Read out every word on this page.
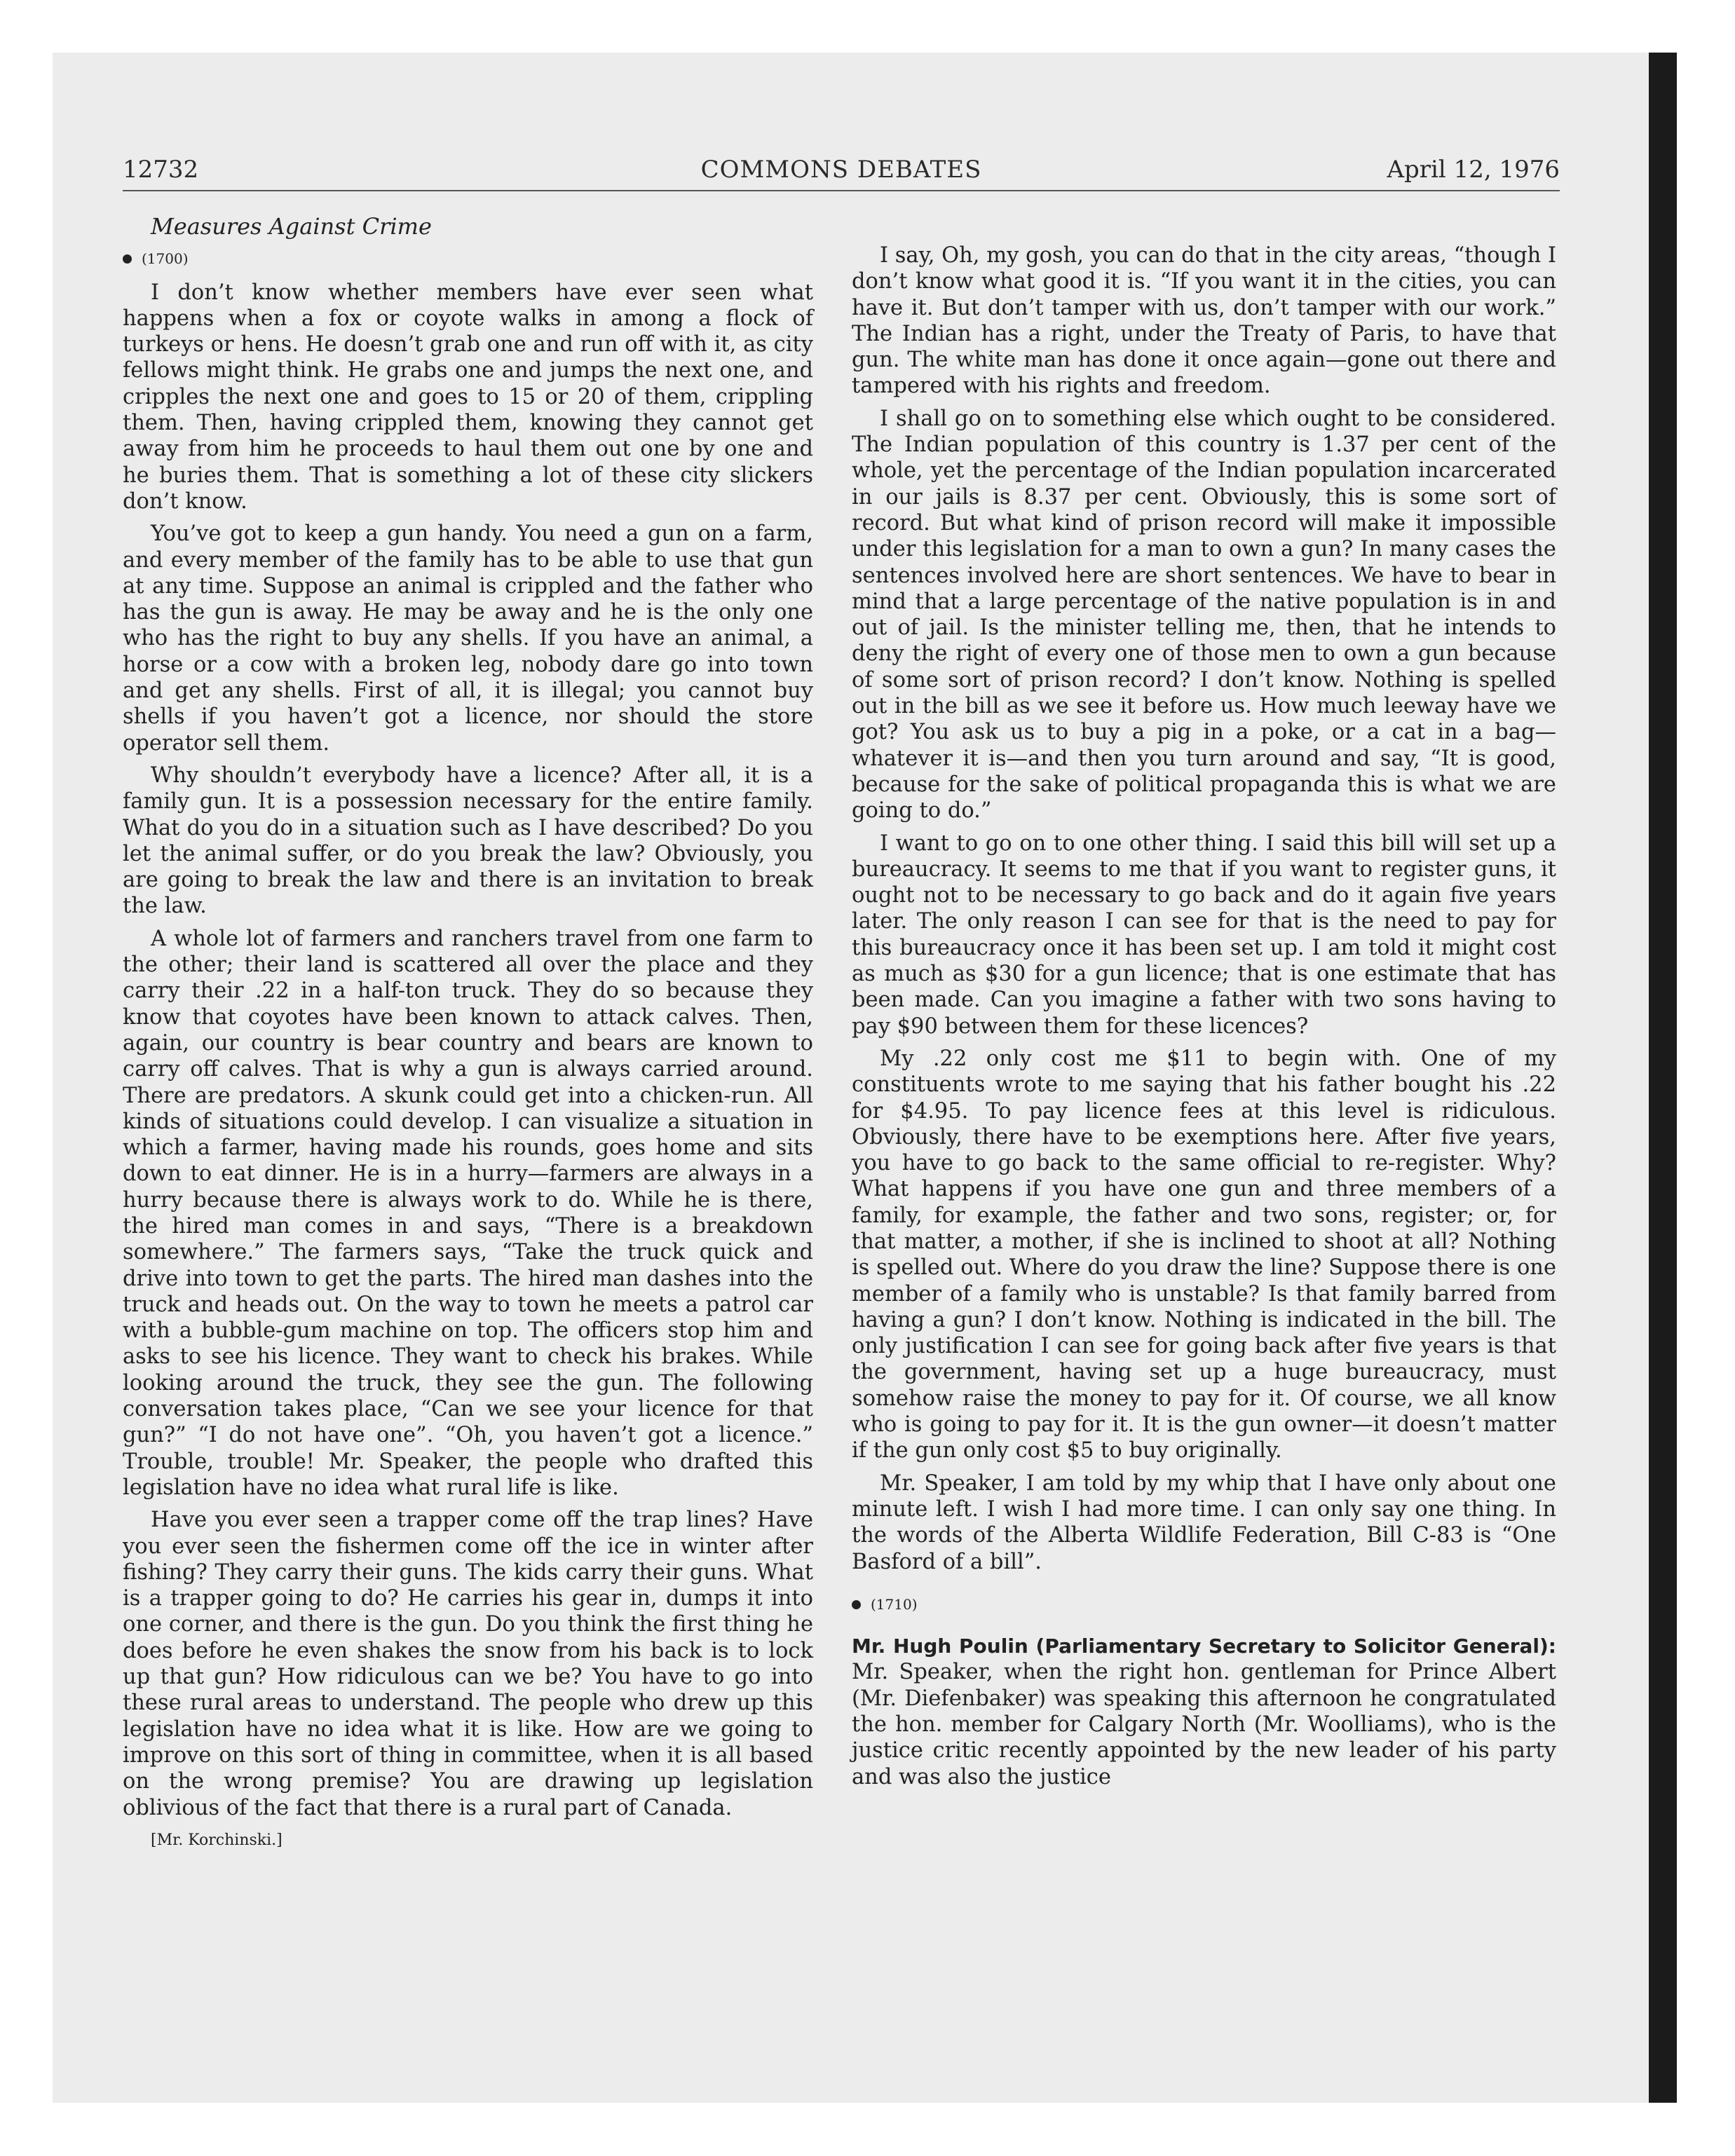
12732	COMMONS DEBATES	April 12, 1976

Measures Against Crime

(1700)

I don’t know whether members have ever seen what happens when a fox or coyote walks in among a flock of turkeys or hens. He doesn’t grab one and run off with it, as city fellows might think. He grabs one and jumps the next one, and cripples the next one and goes to 15 or 20 of them, crippling them. Then, having crippled them, knowing they cannot get away from him he proceeds to haul them out one by one and he buries them. That is something a lot of these city slickers don’t know.

You’ve got to keep a gun handy. You need a gun on a farm, and every member of the family has to be able to use that gun at any time. Suppose an animal is crippled and the father who has the gun is away. He may be away and he is the only one who has the right to buy any shells. If you have an animal, a horse or a cow with a broken leg, nobody dare go into town and get any shells. First of all, it is illegal; you cannot buy shells if you haven’t got a licence, nor should the store operator sell them.

Why shouldn’t everybody have a licence? After all, it is a family gun. It is a possession necessary for the entire family. What do you do in a situation such as I have described? Do you let the animal suffer, or do you break the law? Obviously, you are going to break the law and there is an invitation to break the law.

A whole lot of farmers and ranchers travel from one farm to the other; their land is scattered all over the place and they carry their .22 in a half-ton truck. They do so because they know that coyotes have been known to attack calves. Then, again, our country is bear country and bears are known to carry off calves. That is why a gun is always carried around. There are predators. A skunk could get into a chicken-run. All kinds of situations could develop. I can visualize a situation in which a farmer, having made his rounds, goes home and sits down to eat dinner. He is in a hurry—farmers are always in a hurry because there is always work to do. While he is there, the hired man comes in and says, “There is a breakdown somewhere.” The farmers says, “Take the truck quick and drive into town to get the parts. The hired man dashes into the truck and heads out. On the way to town he meets a patrol car with a bubble-gum machine on top. The officers stop him and asks to see his licence. They want to check his brakes. While looking around the truck, they see the gun. The following conversation takes place, “Can we see your licence for that gun?” “I do not have one”. “Oh, you haven’t got a licence.” Trouble, trouble! Mr. Speaker, the people who drafted this legislation have no idea what rural life is like.

Have you ever seen a trapper come off the trap lines? Have you ever seen the fishermen come off the ice in winter after fishing? They carry their guns. The kids carry their guns. What is a trapper going to do? He carries his gear in, dumps it into one corner, and there is the gun. Do you think the first thing he does before he even shakes the snow from his back is to lock up that gun? How ridiculous can we be? You have to go into these rural areas to understand. The people who drew up this legislation have no idea what it is like. How are we going to improve on this sort of thing in committee, when it is all based on the wrong premise? You are drawing up legislation oblivious of the fact that there is a rural part of Canada.

[Mr. Korchinski.]

I say, Oh, my gosh, you can do that in the city areas, “though I don’t know what good it is. “If you want it in the cities, you can have it. But don’t tamper with us, don’t tamper with our work.” The Indian has a right, under the Treaty of Paris, to have that gun. The white man has done it once again—gone out there and tampered with his rights and freedom.

I shall go on to something else which ought to be considered. The Indian population of this country is 1.37 per cent of the whole, yet the percentage of the Indian population incarcerated in our jails is 8.37 per cent. Obviously, this is some sort of record. But what kind of prison record will make it impossible under this legislation for a man to own a gun? In many cases the sentences involved here are short sentences. We have to bear in mind that a large percentage of the native population is in and out of jail. Is the minister telling me, then, that he intends to deny the right of every one of those men to own a gun because of some sort of prison record? I don’t know. Nothing is spelled out in the bill as we see it before us. How much leeway have we got? You ask us to buy a pig in a poke, or a cat in a bag—whatever it is—and then you turn around and say, “It is good, because for the sake of political propaganda this is what we are going to do.”

I want to go on to one other thing. I said this bill will set up a bureaucracy. It seems to me that if you want to register guns, it ought not to be necessary to go back and do it again five years later. The only reason I can see for that is the need to pay for this bureaucracy once it has been set up. I am told it might cost as much as $30 for a gun licence; that is one estimate that has been made. Can you imagine a father with two sons having to pay $90 between them for these licences?

My .22 only cost me $11 to begin with. One of my constituents wrote to me saying that his father bought his .22 for $4.95. To pay licence fees at this level is ridiculous. Obviously, there have to be exemptions here. After five years, you have to go back to the same official to re-register. Why? What happens if you have one gun and three members of a family, for example, the father and two sons, register; or, for that matter, a mother, if she is inclined to shoot at all? Nothing is spelled out. Where do you draw the line? Suppose there is one member of a family who is unstable? Is that family barred from having a gun? I don’t know. Nothing is indicated in the bill. The only justification I can see for going back after five years is that the government, having set up a huge bureaucracy, must somehow raise the money to pay for it. Of course, we all know who is going to pay for it. It is the gun owner—it doesn’t matter if the gun only cost $5 to buy originally.

Mr. Speaker, I am told by my whip that I have only about one minute left. I wish I had more time. I can only say one thing. In the words of the Alberta Wildlife Federation, Bill C-83 is “One Basford of a bill”.

(1710)

Mr. Hugh Poulin (Parliamentary Secretary to Solicitor General): Mr. Speaker, when the right hon. gentleman for Prince Albert (Mr. Diefenbaker) was speaking this afternoon he congratulated the hon. member for Calgary North (Mr. Woolliams), who is the justice critic recently appointed by the new leader of his party and was also the justice
